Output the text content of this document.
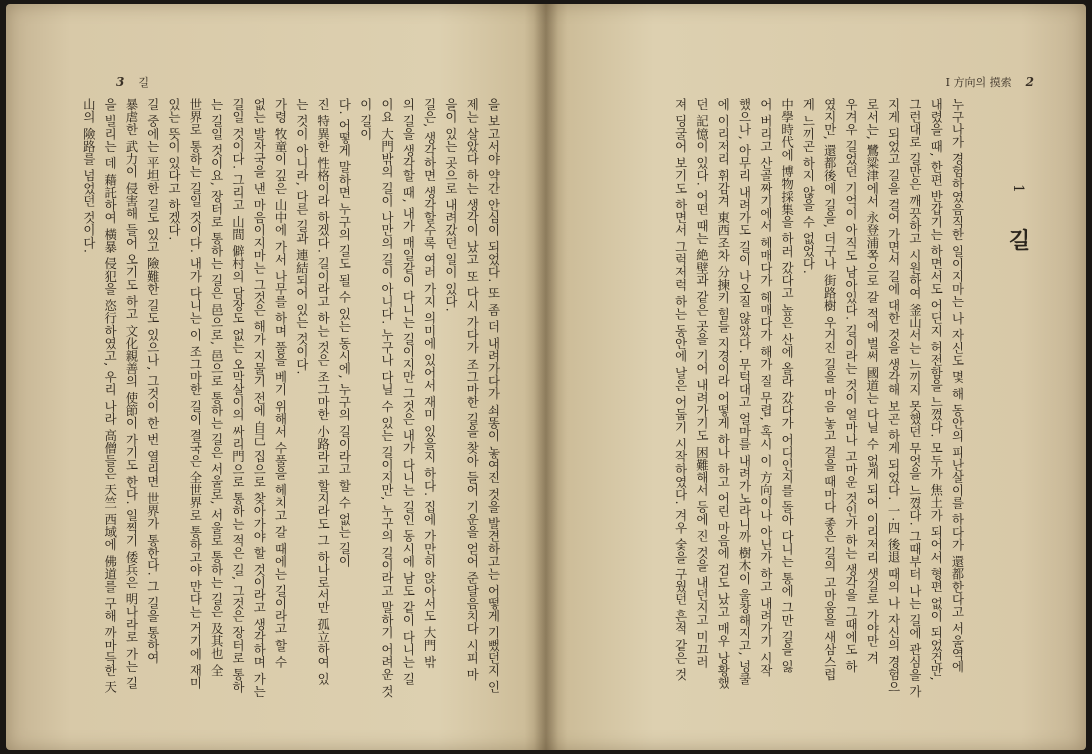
3 길

을 보고서야 약간 안심이 되었다. 또 좀 더 내려가다가 쇠똥이 놓여진 것을 발견하고는 어떻게 기뻤던지 인

제는 살았다 하는 생각이 났고 또 다시 가다가 조그마한 길을 찾아 들어 기운을 얻어 준달음치다 시피 마

을이 있는 곳으로 내려갔던 일이 있다.

길은, 생각하면 생각할수록 여러 가지 의미에 있어서 재미 있을지 하다. 집에 가만히 앉아서도 大門 밖

의 길을 생각할 때, 내가 매일같이 다니는 길이지만 그것은 내가 다니는 길인 동시에 남도 같이 다니는 길

이요 大門밖의 길이 나만의 길이 아니다. 누구나 다닐 수 있는 길이지만, 누구의 길이라고 말하기 어려운 것이 길이

다. 어떻게 말하면 누구의 길도 될 수 있는 동시에, 누구의 길이라고 할 수 없는 길이

진 特異한 性格이라 하겠다. 길이라고 하는 것은 조그마한 小路라고 할지라도 그 하나로서만 孤立하여 있

는 것이 아니라, 다른 길과 連結되어 있는 것이다.

가령 牧童이 깊은 山中에 가서 나무를 하며 풀을 베기 위해서 수풀을 헤치고 갈 때에는 길이라고 할 수

없는 발자국을 낸 마음이지마는 그것은 해가 지물기 전에 自己 집으로 찾아가야 할 것이라고 생각하며 가는

길일 것이다. 그리고 山間 僻村의 담장도 없는 오막살이의 싸리門으로 통하는 적은 길, 그것은 장터로 통하

는 길일 것이요, 장터로 통하는 길은 邑으로, 邑으로 통하는 길은 서울로, 서울로 통하는 길은 及其也 全

世界로 통하는 길일 것이다. 내가 다니는 이 조그마한 길이 결국은 全世界로 통하고야 만다는 거기에 재미

있는 뜻이 있다고 하겠다.

길 중에는 平坦한 길도 있고 險難한 길도 있으나, 그것이 한 번 열리면 世界가 통한다. 그 길을 통하여

暴虐한 武力이 侵害해 들어 오기도 하고 文化親善의 使節이 가기도 한다. 일찍기 倭兵은 明나라로 가는 길

을 빌리는 데 藉託하여 橫暴 侵犯을 恣行하였고, 우리 나라 高僧들은 天竺 西域에 佛道를 구해 까마득한 天

山의 險路를 넘었던 것이다.

I 方向의 摸索 2
1 길

누구나가 경험하였음직한 일이지마는 나 자신도 몇 해 동안의 피난살이를 하다가 還都한다고 서울역에

내렸을 때, 한편 반갑기는 하면서도 어딘지 허전함을 느꼈다. 모두가 焦土가 되어서 형편 없이 되었건만,

그런대로 길만은 깨끗하고 시원하여 釜山서는 느끼지 못했던 무엇을 느꼈다. 그때부터 나는 길에 관심을 가

지게 되었고 길을 걸어 가면서 길에 대한 것을 생각해 보곤 하게 되었다. 一·四 後退 때의 나 자신의 경험으

로서는, 鷺粱津에서 永登浦쪽으로 갈 적에 벌써 國道는 다닐 수 없게 되어 이리저리 샛길로 가야만 겨

우겨우 길었던 기억이 아직도 남아있다. 길이라는 것이 얼마나 고마운 것인가 하는 생각을 그때에도 하

였지만, 還都後에 길을, 더구나 街路樹 우거진 길을 마음 놓고 걸을 때마다 좋은 길의 고마움을 새삼스럽

게 느끼곤 하지 않을 수 없었다.

中學時代에 博物採集을 하러 갔다고 높은 산에 올라 갔다가 어디인지를 돌아 다니는 통에 그만 길을 잃

어 버리고 산골짜기에서 헤매다가 헤매다가 해가 질 무렵, 혹시 이 方向이나 아닌가 하고 내려가기 시작

했으나, 아무리 내려가도 길이 나오질 않았다. 무턱대고 얼마를 내려가노라니까 樹木이 울창해지고, 넝쿨

에 이리저리 휘감겨 東西조차 分揀키 힘들 지경이라 어떻게 하나 하고 어린 마음에 겁도 났고 매우 낭황했

던 記憶이 있다. 어떤 때는 絶壁과 같은 곳을 기어 내려가기도 困難해서 등에 진 것을 내던지고 미끄러

져 딩굴어 보기도 하면서 그럭저럭 하는 동안에 날은 어둡기 시작하였다. 겨우 숯을 구웠던 흔적 같은 것
